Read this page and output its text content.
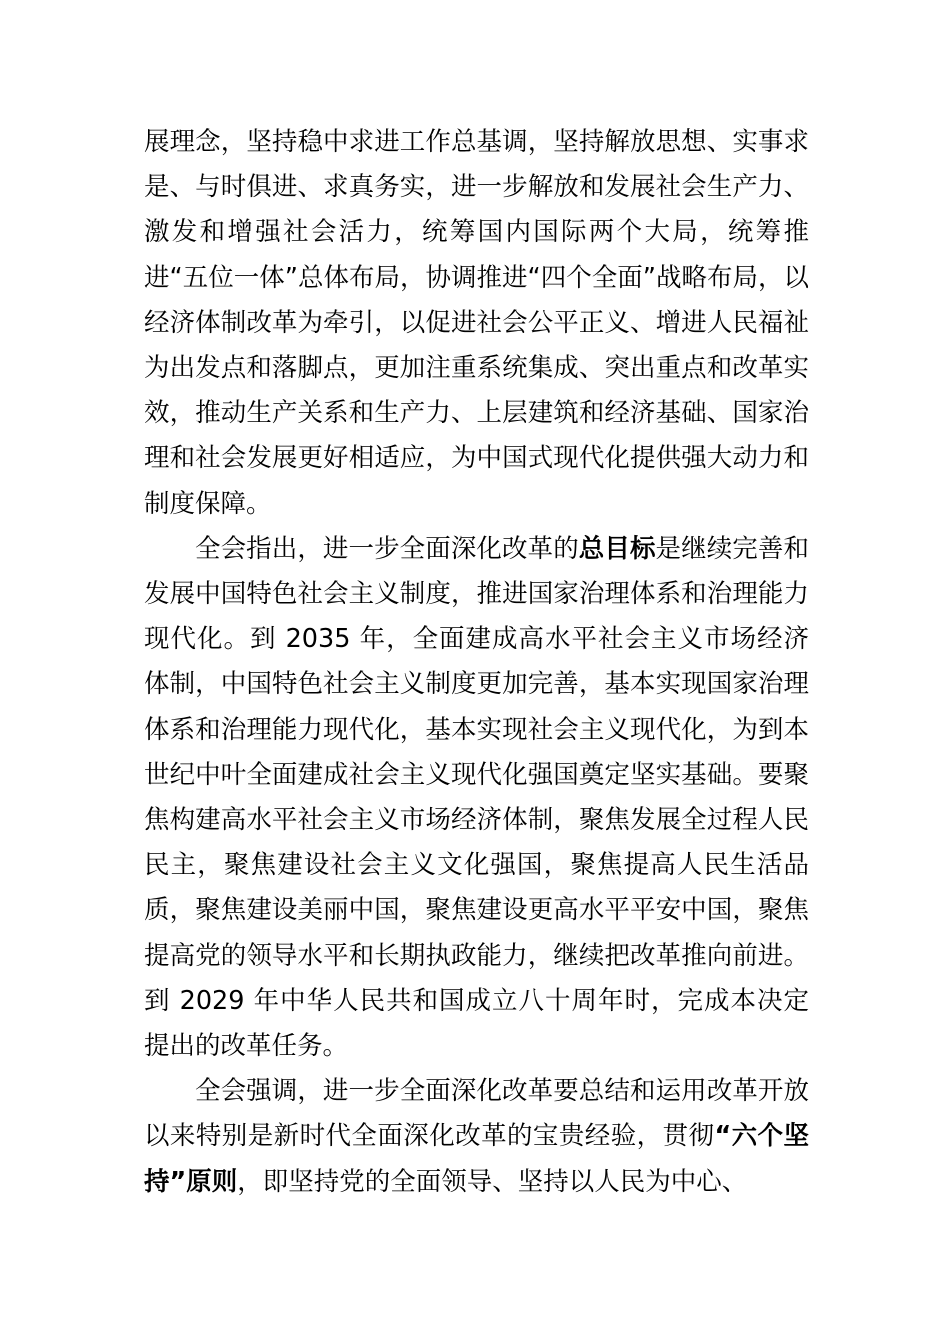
展理念，坚持稳中求进工作总基调，坚持解放思想、实事求是、与时俱进、求真务实，进一步解放和发展社会生产力、激发和增强社会活力，统筹国内国际两个大局，统筹推进“五位一体”总体布局，协调推进“四个全面”战略布局，以经济体制改革为牵引，以促进社会公平正义、增进人民福祉为出发点和落脚点，更加注重系统集成、突出重点和改革实效，推动生产关系和生产力、上层建筑和经济基础、国家治理和社会发展更好相适应，为中国式现代化提供强大动力和制度保障。

全会指出，进一步全面深化改革的总目标是继续完善和发展中国特色社会主义制度，推进国家治理体系和治理能力现代化。到 2035 年，全面建成高水平社会主义市场经济体制，中国特色社会主义制度更加完善，基本实现国家治理体系和治理能力现代化，基本实现社会主义现代化，为到本世纪中叶全面建成社会主义现代化强国奠定坚实基础。要聚焦构建高水平社会主义市场经济体制，聚焦发展全过程人民民主，聚焦建设社会主义文化强国，聚焦提高人民生活品质，聚焦建设美丽中国，聚焦建设更高水平平安中国，聚焦提高党的领导水平和长期执政能力，继续把改革推向前进。到 2029 年中华人民共和国成立八十周年时，完成本决定提出的改革任务。

全会强调，进一步全面深化改革要总结和运用改革开放以来特别是新时代全面深化改革的宝贵经验，贯彻“六个坚持”原则，即坚持党的全面领导、坚持以人民为中心、
